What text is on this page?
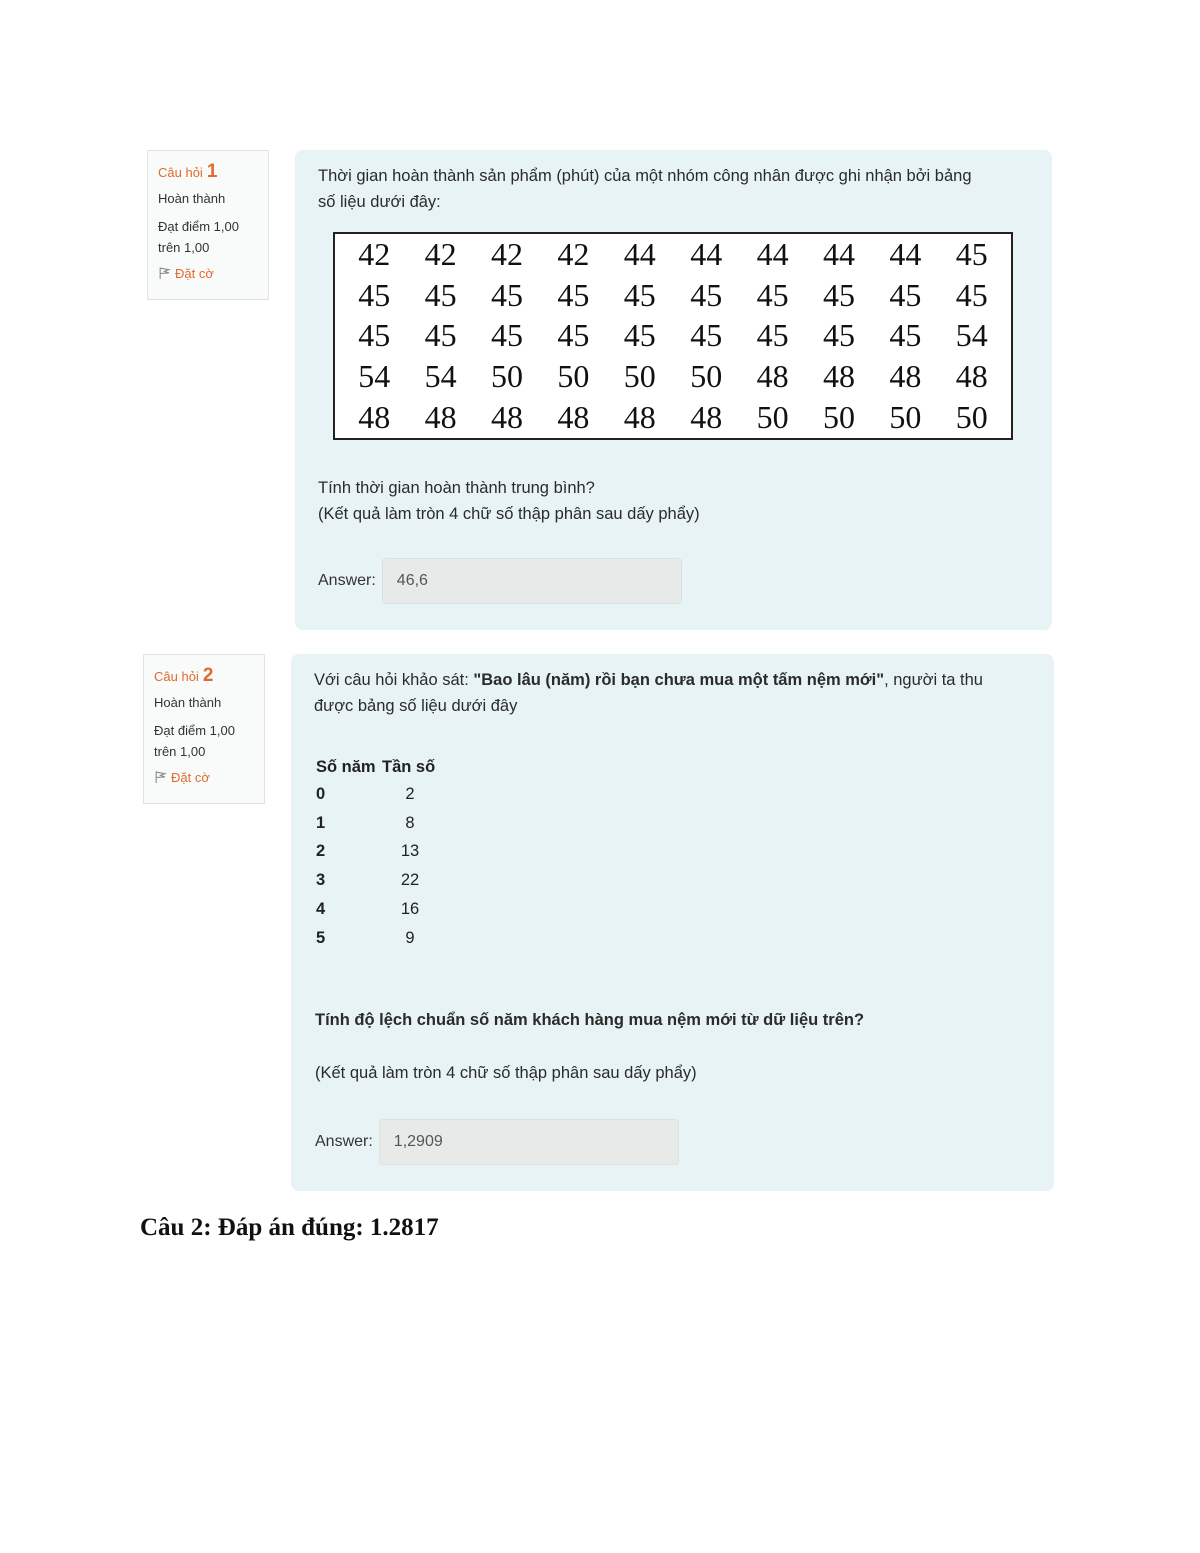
Câu hỏi 1
Hoàn thành
Đạt điểm 1,00
trên 1,00
Đặt cờ
Thời gian hoàn thành sản phẩm (phút) của một nhóm công nhân được ghi nhận bởi bảng
số liệu dưới đây:
42	42	42	42	44	44	44	44	44	45
45	45	45	45	45	45	45	45	45	45
45	45	45	45	45	45	45	45	45	54
54	54	50	50	50	50	48	48	48	48
48	48	48	48	48	48	50	50	50	50
Tính thời gian hoàn thành trung bình?
(Kết quả làm tròn 4 chữ số thập phân sau dấy phẩy)
Answer:	46,6
Câu hỏi 2
Hoàn thành
Đạt điểm 1,00
trên 1,00
Đặt cờ
Với câu hỏi khảo sát: "Bao lâu (năm) rồi bạn chưa mua một tấm nệm mới", người ta thu
được bảng số liệu dưới đây
Số năm Tần số
0	2
1	8
2	13
3	22
4	16
5	9
Tính độ lệch chuẩn số năm khách hàng mua nệm mới từ dữ liệu trên?
(Kết quả làm tròn 4 chữ số thập phân sau dấy phẩy)
Answer:	1,2909
Câu 2: Đáp án đúng: 1.2817
